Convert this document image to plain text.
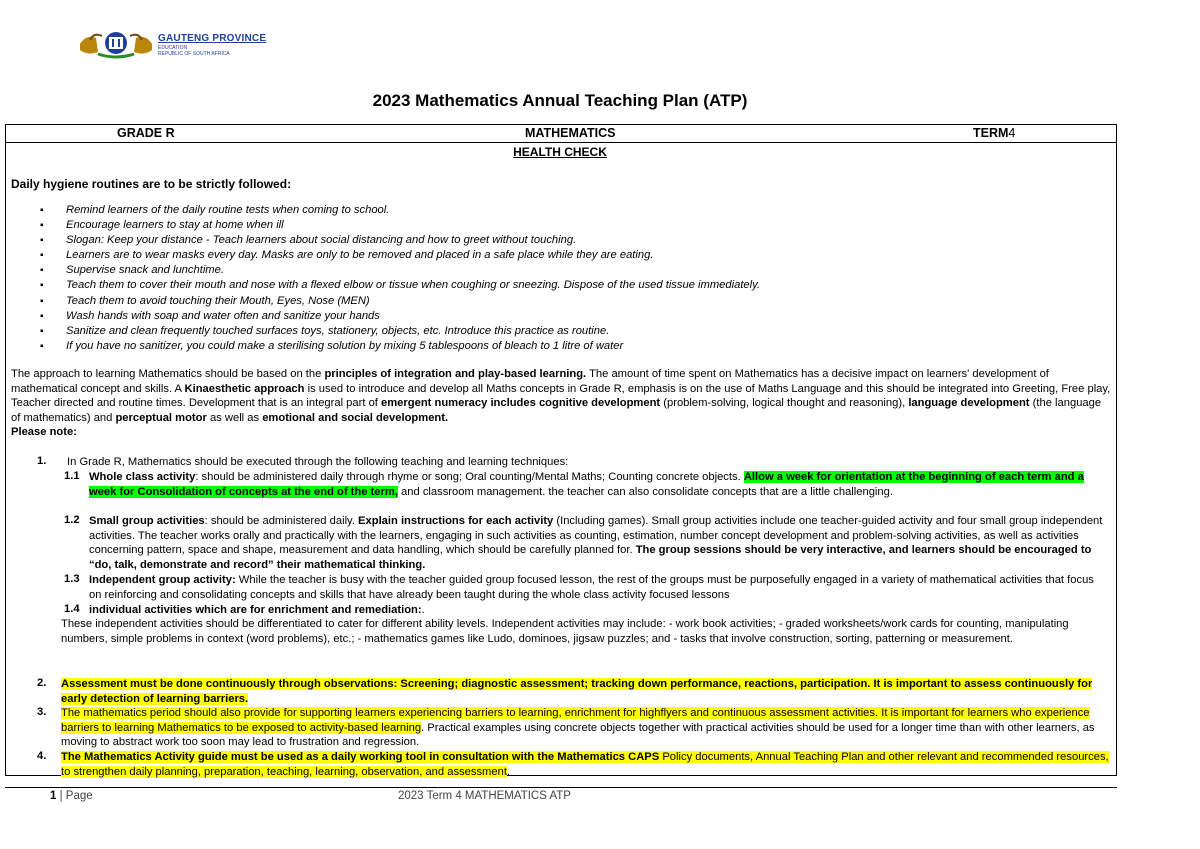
GAUTENG PROVINCE
EDUCATION
REPUBLIC OF SOUTH AFRICA
2023 Mathematics Annual Teaching Plan (ATP)
GRADE R	MATHEMATICS	TERM4
HEALTH CHECK
Daily hygiene routines are to be strictly followed:
▪ Remind learners of the daily routine tests when coming to school.
▪ Encourage learners to stay at home when ill
▪ Slogan: Keep your distance - Teach learners about social distancing and how to greet without touching.
▪ Learners are to wear masks every day. Masks are only to be removed and placed in a safe place while they are eating.
▪ Supervise snack and lunchtime.
▪ Teach them to cover their mouth and nose with a flexed elbow or tissue when coughing or sneezing. Dispose of the used tissue immediately.
▪ Teach them to avoid touching their Mouth, Eyes, Nose (MEN)
▪ Wash hands with soap and water often and sanitize your hands
▪ Sanitize and clean frequently touched surfaces toys, stationery, objects, etc. Introduce this practice as routine.
▪ If you have no sanitizer, you could make a sterilising solution by mixing 5 tablespoons of bleach to 1 litre of water
The approach to learning Mathematics should be based on the principles of integration and play-based learning. The amount of time spent on Mathematics has a decisive impact on learners' development of mathematical concept and skills. A Kinaesthetic approach is used to introduce and develop all Maths concepts in Grade R, emphasis is on the use of Maths Language and this should be integrated into Greeting, Free play, Teacher directed and routine times. Development that is an integral part of emergent numeracy includes cognitive development (problem-solving, logical thought and reasoning), language development (the language of mathematics) and perceptual motor as well as emotional and social development.
Please note:
1. In Grade R, Mathematics should be executed through the following teaching and learning techniques:
1.1 Whole class activity: should be administered daily through rhyme or song; Oral counting/Mental Maths; Counting concrete objects. Allow a week for orientation at the beginning of each term and a week for Consolidation of concepts at the end of the term, and classroom management. the teacher can also consolidate concepts that are a little challenging.
1.2 Small group activities: should be administered daily. Explain instructions for each activity (Including games). Small group activities include one teacher-guided activity and four small group independent activities. The teacher works orally and practically with the learners, engaging in such activities as counting, estimation, number concept development and problem-solving activities, as well as activities concerning pattern, space and shape, measurement and data handling, which should be carefully planned for. The group sessions should be very interactive, and learners should be encouraged to “do, talk, demonstrate and record” their mathematical thinking.
1.3 Independent group activity: While the teacher is busy with the teacher guided group focused lesson, the rest of the groups must be purposefully engaged in a variety of mathematical activities that focus on reinforcing and consolidating concepts and skills that have already been taught during the whole class activity focused lessons
1.4 individual activities which are for enrichment and remediation:.
These independent activities should be differentiated to cater for different ability levels. Independent activities may include: - work book activities; - graded worksheets/work cards for counting, manipulating numbers, simple problems in context (word problems), etc.; - mathematics games like Ludo, dominoes, jigsaw puzzles; and - tasks that involve construction, sorting, patterning or measurement.
2. Assessment must be done continuously through observations: Screening; diagnostic assessment; tracking down performance, reactions, participation. It is important to assess continuously for early detection of learning barriers.
3. The mathematics period should also provide for supporting learners experiencing barriers to learning, enrichment for highflyers and continuous assessment activities. It is important for learners who experience barriers to learning Mathematics to be exposed to activity-based learning. Practical examples using concrete objects together with practical activities should be used for a longer time than with other learners, as moving to abstract work too soon may lead to frustration and regression.
4. The Mathematics Activity guide must be used as a daily working tool in consultation with the Mathematics CAPS Policy documents, Annual Teaching Plan and other relevant and recommended resources, to strengthen daily planning, preparation, teaching, learning, observation, and assessment.
1 | Page	2023 Term 4 MATHEMATICS ATP
